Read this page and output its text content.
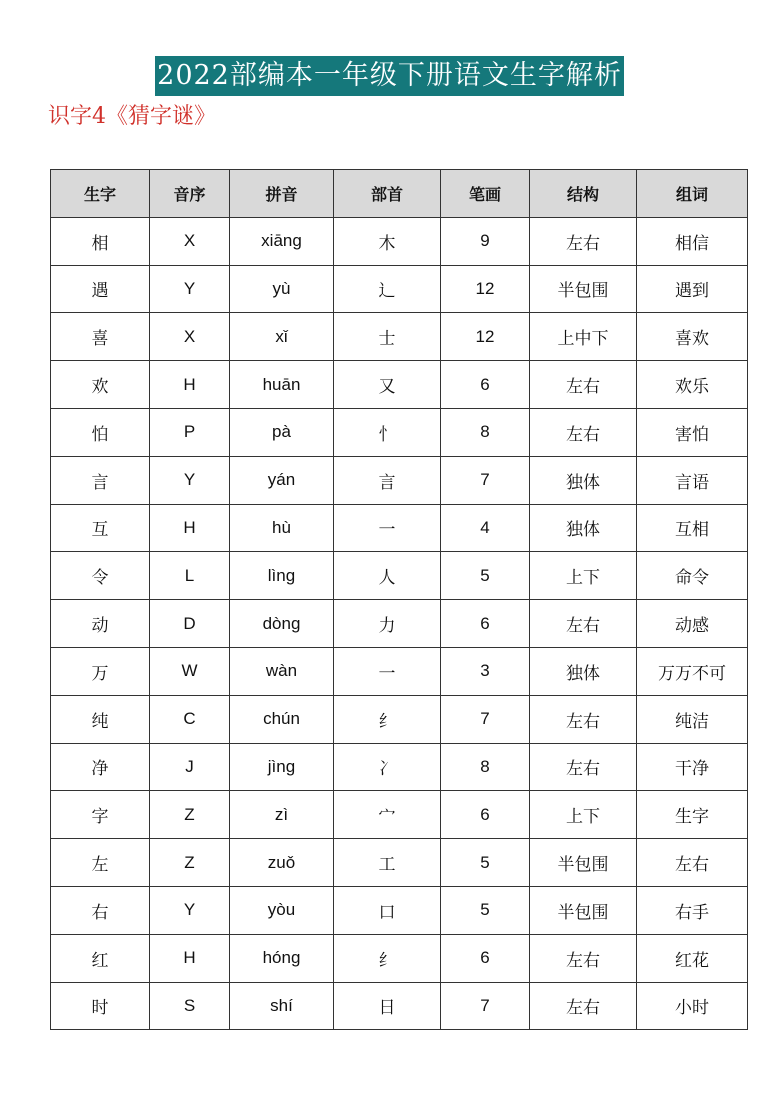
2022部编本一年级下册语文生字解析
识字4《猜字谜》
生字	音序	拼音	部首	笔画	结构	组词
相	X	xiāng	木	9	左右	相信
遇	Y	yù	辶	12	半包围	遇到
喜	X	xǐ	士	12	上中下	喜欢
欢	H	huān	又	6	左右	欢乐
怕	P	pà	忄	8	左右	害怕
言	Y	yán	言	7	独体	言语
互	H	hù	一	4	独体	互相
令	L	lìng	人	5	上下	命令
动	D	dòng	力	6	左右	动感
万	W	wàn	一	3	独体	万万不可
纯	C	chún	纟	7	左右	纯洁
净	J	jìng	冫	8	左右	干净
字	Z	zì	宀	6	上下	生字
左	Z	zuǒ	工	5	半包围	左右
右	Y	yòu	口	5	半包围	右手
红	H	hóng	纟	6	左右	红花
时	S	shí	日	7	左右	小时
